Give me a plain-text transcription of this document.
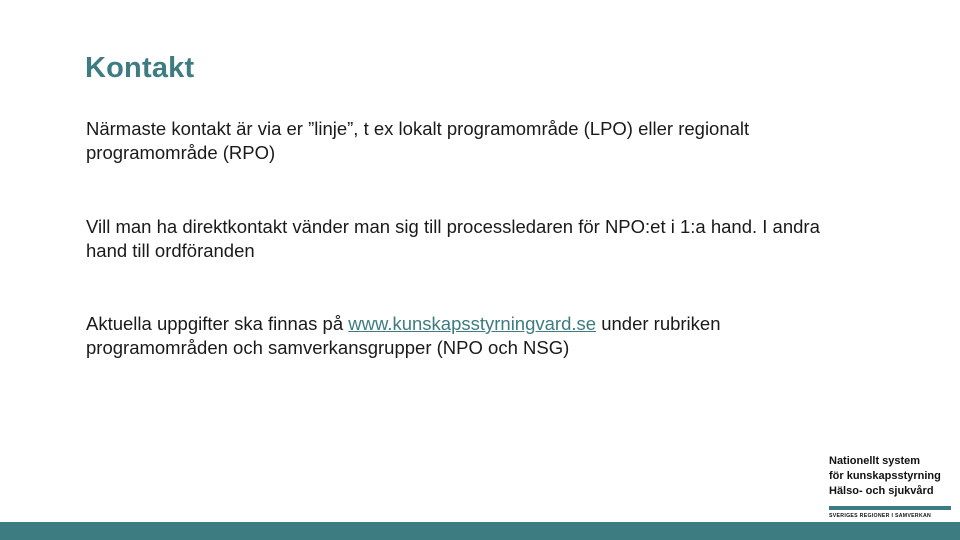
Kontakt
Närmaste kontakt är via er ”linje”, t ex lokalt programområde (LPO) eller regionalt programområde (RPO)
Vill man ha direktkontakt vänder man sig till processledaren för NPO:et i 1:a hand. I andra hand till ordföranden
Aktuella uppgifter ska finnas på www.kunskapsstyrningvard.se under rubriken programområden och samverkansgrupper (NPO och NSG)
Nationellt system
för kunskapsstyrning
Hälso- och sjukvård
SVERIGES REGIONER I SAMVERKAN
